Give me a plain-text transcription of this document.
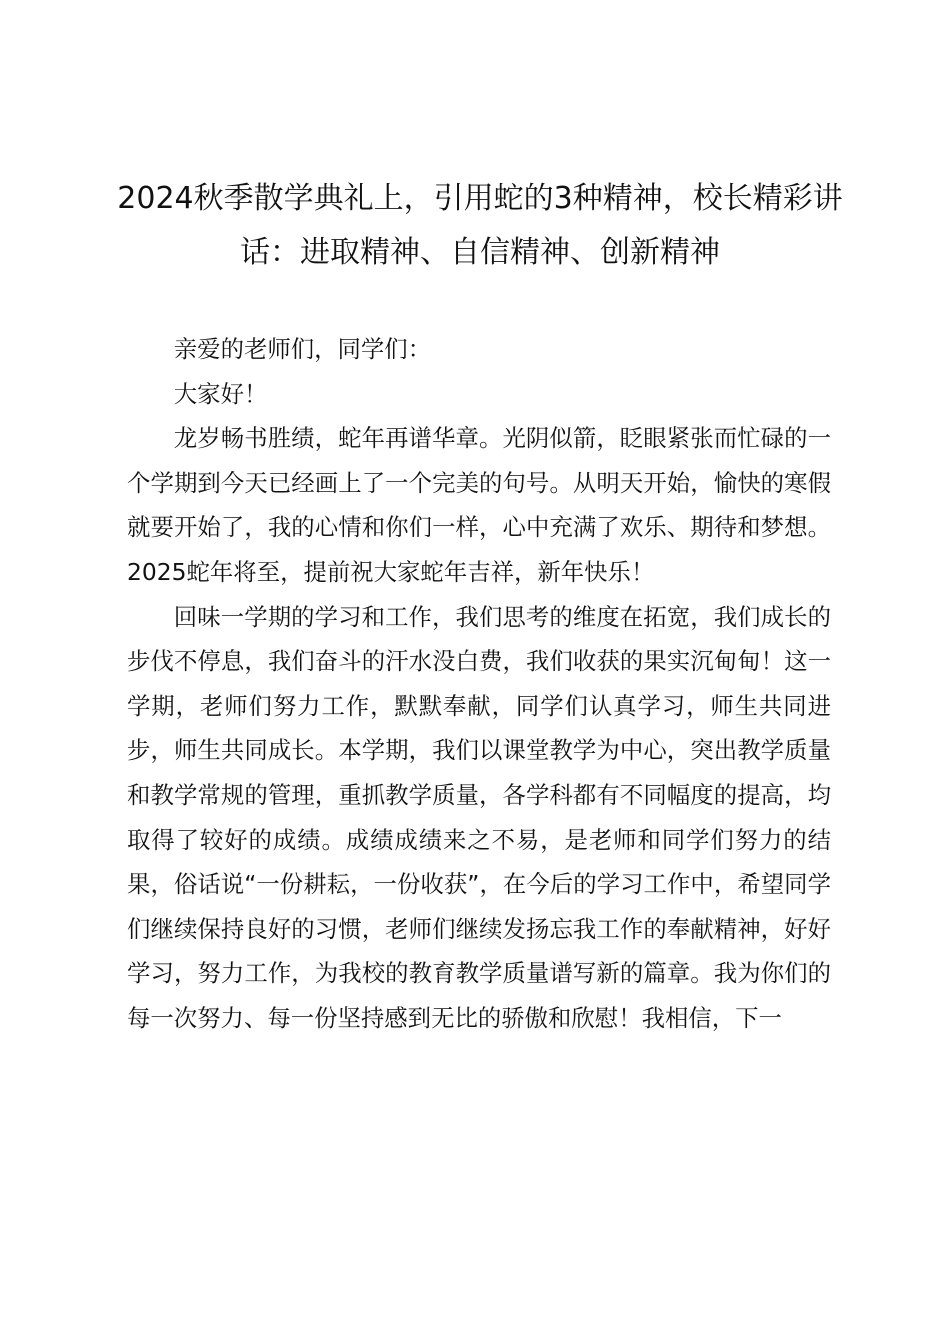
2024秋季散学典礼上，引用蛇的3种精神，校长精彩讲话：进取精神、自信精神、创新精神

亲爱的老师们，同学们：

大家好！

龙岁畅书胜绩，蛇年再谱华章。光阴似箭，眨眼紧张而忙碌的一个学期到今天已经画上了一个完美的句号。从明天开始，愉快的寒假就要开始了，我的心情和你们一样，心中充满了欢乐、期待和梦想。2025蛇年将至，提前祝大家蛇年吉祥，新年快乐！

回味一学期的学习和工作，我们思考的维度在拓宽，我们成长的步伐不停息，我们奋斗的汗水没白费，我们收获的果实沉甸甸！这一学期，老师们努力工作，默默奉献，同学们认真学习，师生共同进步，师生共同成长。本学期，我们以课堂教学为中心，突出教学质量和教学常规的管理，重抓教学质量，各学科都有不同幅度的提高，均取得了较好的成绩。成绩成绩来之不易，是老师和同学们努力的结果，俗话说“一份耕耘，一份收获”，在今后的学习工作中，希望同学们继续保持良好的习惯，老师们继续发扬忘我工作的奉献精神，好好学习，努力工作，为我校的教育教学质量谱写新的篇章。我为你们的每一次努力、每一份坚持感到无比的骄傲和欣慰！我相信，下一
